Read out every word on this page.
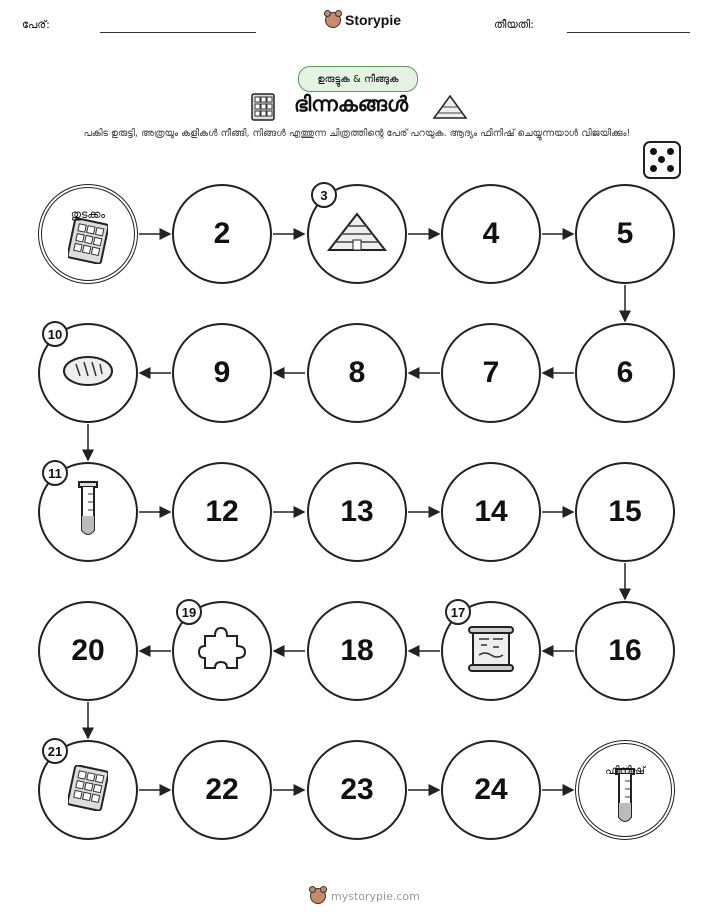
പേര്:	Storypie	തീയതി:
ഉരുട്ടുക & നീങ്ങുക
ഭിന്നകങ്ങൾ
പകിട ഉരുട്ടി, അത്രയും കളികൾ നീങ്ങി, നിങ്ങൾ എത്തുന്ന ചിത്രത്തിന്റെ പേര് പറയുക. ആദ്യം ഫിനിഷ് ചെയ്യുന്നയാൾ വിജയിക്കും!
തുടക്കം
2
3
4	5
6
7
8
9
10
11
12	13	14	15
16
17
18
19
20
21
22	23	24
ഫിനിഷ്
mystorypie.com
